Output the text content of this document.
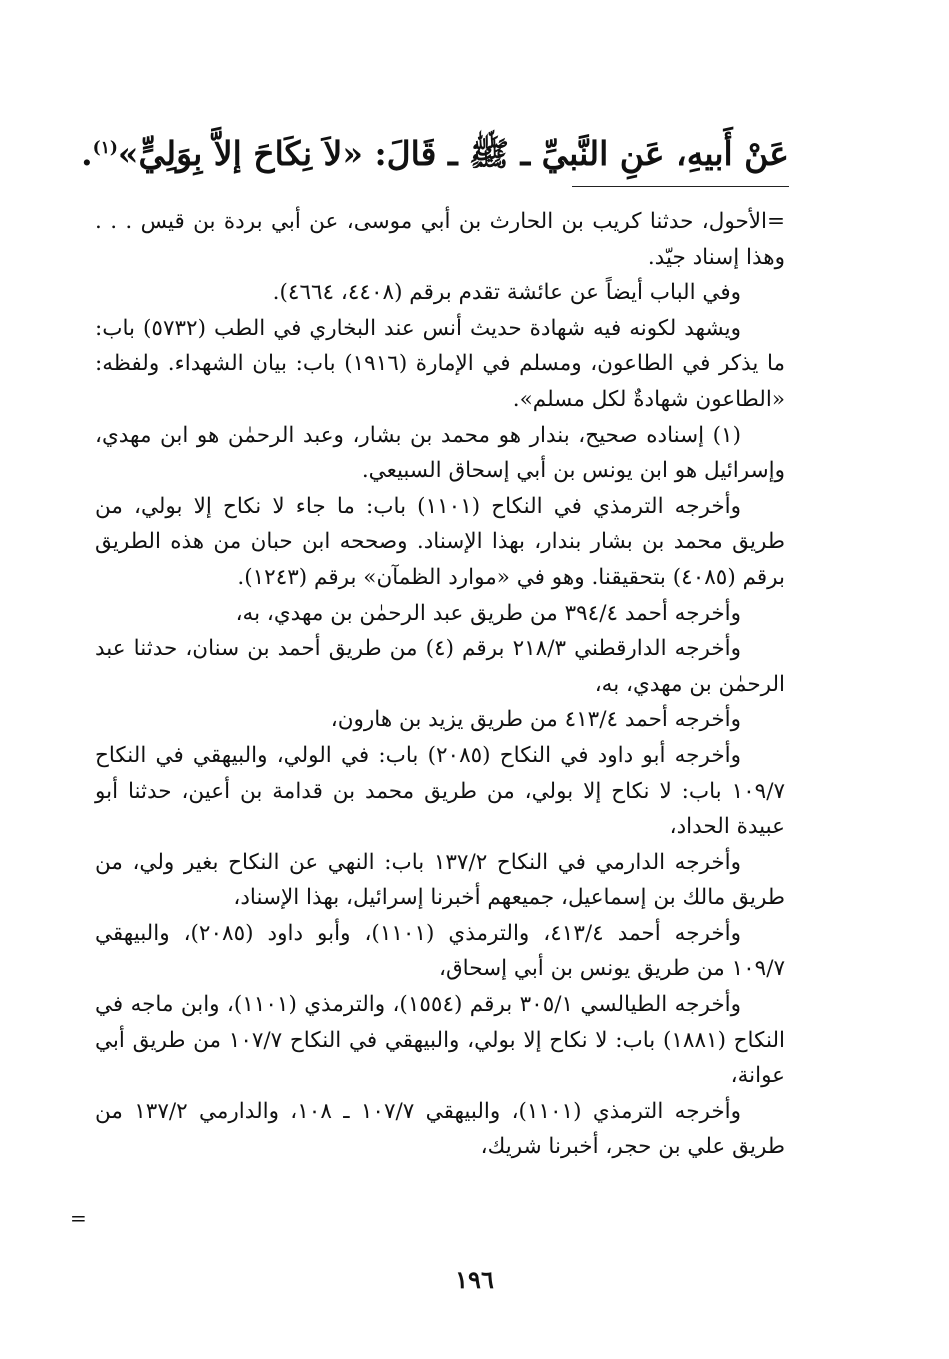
عَنْ أَبيهِ، عَنِ النَّبيِّ ـ ﷺ ـ قَالَ: «لاَ نِكَاحَ إلاَّ بِوَلِيٍّ»$^{(١)}$.

=الأحول، حدثنا كريب بن الحارث بن أبي موسى، عن أبي بردة بن قيس . . . وهذا إسناد جيّد.

وفي الباب أيضاً عن عائشة تقدم برقم (٤٤٠٨، ٤٦٦٤).

ويشهد لكونه فيه شهادة حديث أنس عند البخاري في الطب (٥٧٣٢) باب: ما يذكر في الطاعون، ومسلم في الإمارة (١٩١٦) باب: بيان الشهداء. ولفظه: «الطاعون شهادةٌ لكل مسلم».

(١) إسناده صحيح، بندار هو محمد بن بشار، وعبد الرحمٰن هو ابن مهدي، وإسرائيل هو ابن يونس بن أبي إسحاق السبيعي.

وأخرجه الترمذي في النكاح (١١٠١) باب: ما جاء لا نكاح إلا بولي، من طريق محمد بن بشار بندار، بهذا الإسناد. وصححه ابن حبان من هذه الطريق برقم (٤٠٨٥) بتحقيقنا. وهو في «موارد الظمآن» برقم (١٢٤٣).

وأخرجه أحمد ٣٩٤/٤ من طريق عبد الرحمٰن بن مهدي، به،

وأخرجه الدارقطني ٢١٨/٣ برقم (٤) من طريق أحمد بن سنان، حدثنا عبد الرحمٰن بن مهدي، به،

وأخرجه أحمد ٤١٣/٤ من طريق يزيد بن هارون،

وأخرجه أبو داود في النكاح (٢٠٨٥) باب: في الولي، والبيهقي في النكاح ١٠٩/٧ باب: لا نكاح إلا بولي، من طريق محمد بن قدامة بن أعين، حدثنا أبو عبيدة الحداد،

وأخرجه الدارمي في النكاح ١٣٧/٢ باب: النهي عن النكاح بغير ولي، من طريق مالك بن إسماعيل، جميعهم أخبرنا إسرائيل، بهذا الإسناد،

وأخرجه أحمد ٤١٣/٤، والترمذي (١١٠١)، وأبو داود (٢٠٨٥)، والبيهقي ١٠٩/٧ من طريق يونس بن أبي إسحاق،

وأخرجه الطيالسي ٣٠٥/١ برقم (١٥٥٤)، والترمذي (١١٠١)، وابن ماجه في النكاح (١٨٨١) باب: لا نكاح إلا بولي، والبيهقي في النكاح ١٠٧/٧ من طريق أبي عوانة،

وأخرجه الترمذي (١١٠١)، والبيهقي ١٠٧/٧ ـ ١٠٨، والدارمي ١٣٧/٢ من طريق علي بن حجر، أخبرنا شريك،

=
١٩٦
